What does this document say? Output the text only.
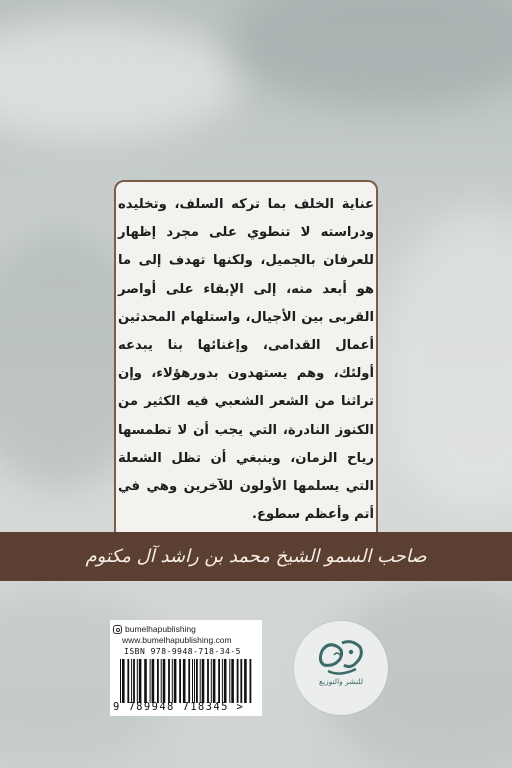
عناية الخلف بما تركه السلف، وتخليده ودراسته لا تنطوي على مجرد إظهار للعرفان بالجميل، ولكنها تهدف إلى ما هو أبعد منه، إلى الإبقاء على أواصر القربى بين الأجيال، واستلهام المحدثين أعمال القدامى، وإغنائها بنا يبدعه أولئك، وهم يستهدون بدورهؤلاء، وإن تراثنا من الشعر الشعبي فيه الكثير من الكنوز النادرة، التي يجب أن لا تطمسها رياح الزمان، وينبغي أن تظل الشعلة التي يسلمها الأولون للآخرين وهي في أتم وأعظم سطوع.
صاحب السمو الشيخ محمد بن راشد آل مكتوم
bumelhapublishing
www.bumelhapublishing.com
ISBN 978-9948-718-34-5
9 789948 718345 >
للنشر والتوزيع
